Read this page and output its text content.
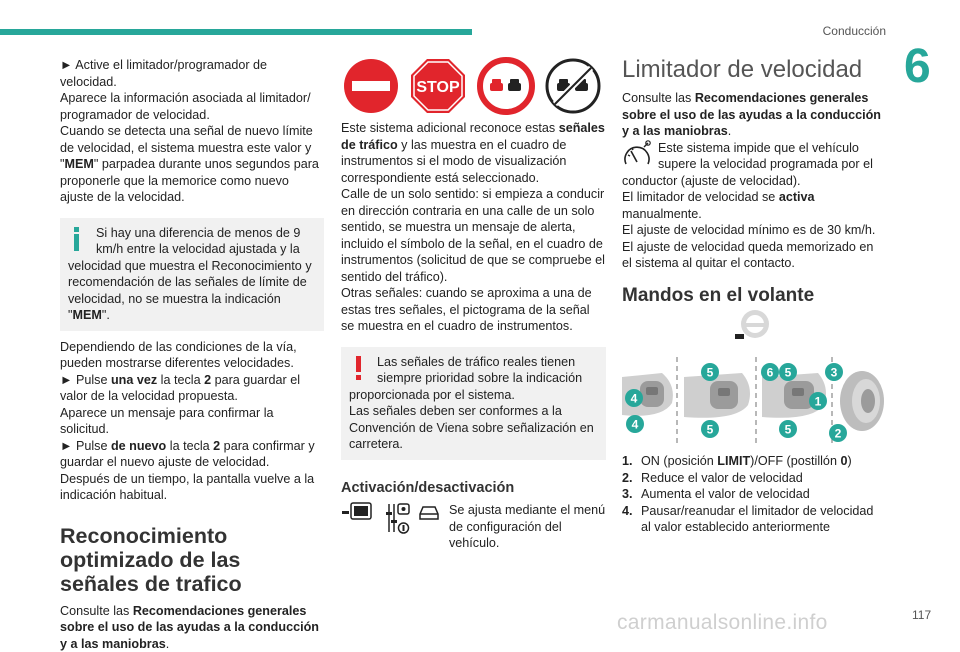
Conducción
6

► Active el limitador/programador de velocidad.

Aparece la información asociada al limitador/ programador de velocidad.

Cuando se detecta una señal de nuevo límite de velocidad, el sistema muestra este valor y "MEM" parpadea durante unos segundos para proponerle que la memorice como nuevo ajuste de la velocidad.

Si hay una diferencia de menos de 9 km/h entre la velocidad ajustada y la velocidad que muestra el Reconocimiento y recomendación de las señales de límite de velocidad, no se muestra la indicación "MEM".

Dependiendo de las condiciones de la vía, pueden mostrarse diferentes velocidades.

► Pulse una vez la tecla 2 para guardar el valor de la velocidad propuesta.

Aparece un mensaje para confirmar la solicitud.

► Pulse de nuevo la tecla 2 para confirmar y guardar el nuevo ajuste de velocidad.

Después de un tiempo, la pantalla vuelve a la indicación habitual.

Reconocimiento optimizado de las señales de trafico

Consulte las Recomendaciones generales sobre el uso de las ayudas a la conducción y a las maniobras.

STOP

Este sistema adicional reconoce estas señales de tráfico y las muestra en el cuadro de instrumentos si el modo de visualización correspondiente está seleccionado.

Calle de un solo sentido: si empieza a conducir en dirección contraria en una calle de un solo sentido, se muestra un mensaje de alerta, incluido el símbolo de la señal, en el cuadro de instrumentos (solicitud de que se compruebe el sentido del tráfico).

Otras señales: cuando se aproxima a una de estas tres señales, el pictograma de la señal se muestra en el cuadro de instrumentos.

Las señales de tráfico reales tienen siempre prioridad sobre la indicación proporcionada por el sistema.

Las señales deben ser conformes a la Convención de Viena sobre señalización en carretera.

Activación/desactivación

Se ajusta mediante el menú de configuración del vehículo.

Limitador de velocidad

Consulte las Recomendaciones generales sobre el uso de las ayudas a la conducción y a las maniobras.

Este sistema impide que el vehículo supere la velocidad programada por el conductor (ajuste de velocidad).

El limitador de velocidad se activa manualmente.

El ajuste de velocidad mínimo es de 30 km/h.

El ajuste de velocidad queda memorizado en el sistema al quitar el contacto.

Mandos en el volante
4
5
5
4
5
5
6
1
3
2
1. ON (posición LIMIT)/OFF (postillón 0)
2. Reduce el valor de velocidad
3. Aumenta el valor de velocidad
4. Pausar/reanudar el limitador de velocidad al valor establecido anteriormente
carmanualsonline.info	117
